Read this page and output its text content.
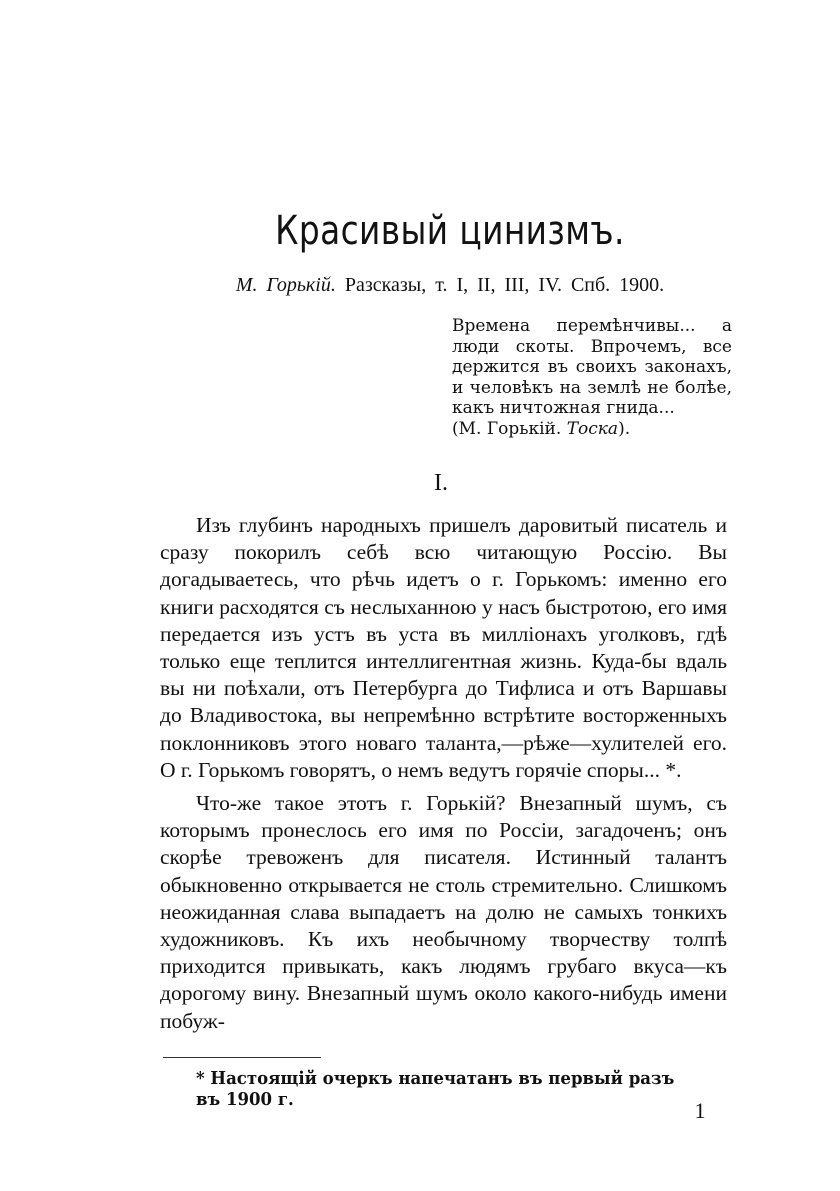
Красивый цинизмъ.
М. Горькій. Разсказы, т. I, II, III, IV. Спб. 1900.
Времена перемѣнчивы... а люди скоты. Впрочемъ, все держится въ своихъ законахъ, и человѣкъ на землѣ не болѣе, какъ ничтожная гнида...
(М. Горькій. Тоска).
I.

Изъ глубинъ народныхъ пришелъ даровитый писатель и сразу покорилъ себѣ всю читающую Россію. Вы догадываетесь, что рѣчь идетъ о г. Горькомъ: именно его книги расходятся съ неслыханною у насъ быстротою, его имя передается изъ устъ въ уста въ милліонахъ уголковъ, гдѣ только еще теплится интеллигентная жизнь. Куда-бы вдаль вы ни поѣхали, отъ Петербурга до Тифлиса и отъ Варшавы до Владивостока, вы непремѣнно встрѣтите восторженныхъ поклонниковъ этого новаго таланта,—рѣже—хулителей его. О г. Горькомъ говорятъ, о немъ ведутъ горячіе споры... *.

Что-же такое этотъ г. Горькій? Внезапный шумъ, съ которымъ пронеслось его имя по Россіи, загадоченъ; онъ скорѣе тревоженъ для писателя. Истинный талантъ обыкновенно открывается не столь стремительно. Слишкомъ неожиданная слава выпадаетъ на долю не самыхъ тонкихъ художниковъ. Къ ихъ необычному творчеству толпѣ приходится привыкать, какъ людямъ грубаго вкуса—къ дорогому вину. Внезапный шумъ около какого-нибудь имени побуж-

* Настоящій очеркъ напечатанъ въ первый разъ въ 1900 г.	1
